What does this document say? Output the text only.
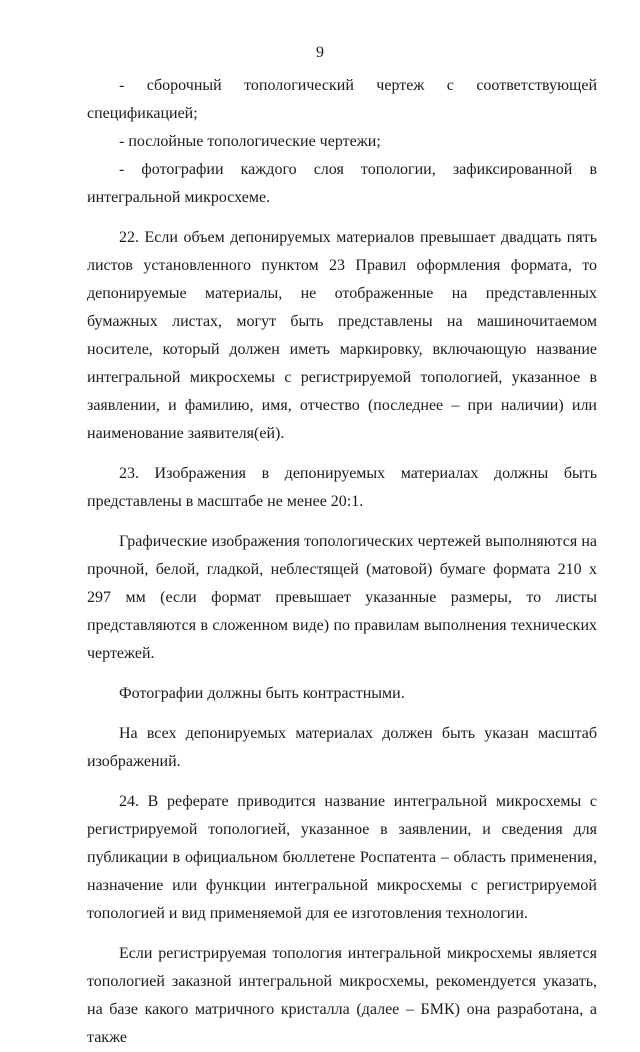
9

- сборочный топологический чертеж с соответствующей спецификацией;

- послойные топологические чертежи;

- фотографии каждого слоя топологии, зафиксированной в интегральной микросхеме.

22. Если объем депонируемых материалов превышает двадцать пять листов установленного пунктом 23 Правил оформления формата, то депонируемые материалы, не отображенные на представленных бумажных листах, могут быть представлены на машиночитаемом носителе, который должен иметь маркировку, включающую название интегральной микросхемы с регистрируемой топологией, указанное в заявлении, и фамилию, имя, отчество (последнее – при наличии) или наименование заявителя(ей).

23. Изображения в депонируемых материалах должны быть представлены в масштабе не менее 20:1.

Графические изображения топологических чертежей выполняются на прочной, белой, гладкой, неблестящей (матовой) бумаге формата 210 х 297 мм (если формат превышает указанные размеры, то листы представляются в сложенном виде) по правилам выполнения технических чертежей.

Фотографии должны быть контрастными.

На всех депонируемых материалах должен быть указан масштаб изображений.

24. В реферате приводится название интегральной микросхемы с регистрируемой топологией, указанное в заявлении, и сведения для публикации в официальном бюллетене Роспатента – область применения, назначение или функции интегральной микросхемы с регистрируемой топологией и вид применяемой для ее изготовления технологии.

Если регистрируемая топология интегральной микросхемы является топологией заказной интегральной микросхемы, рекомендуется указать, на базе какого матричного кристалла (далее – БМК) она разработана, а также
